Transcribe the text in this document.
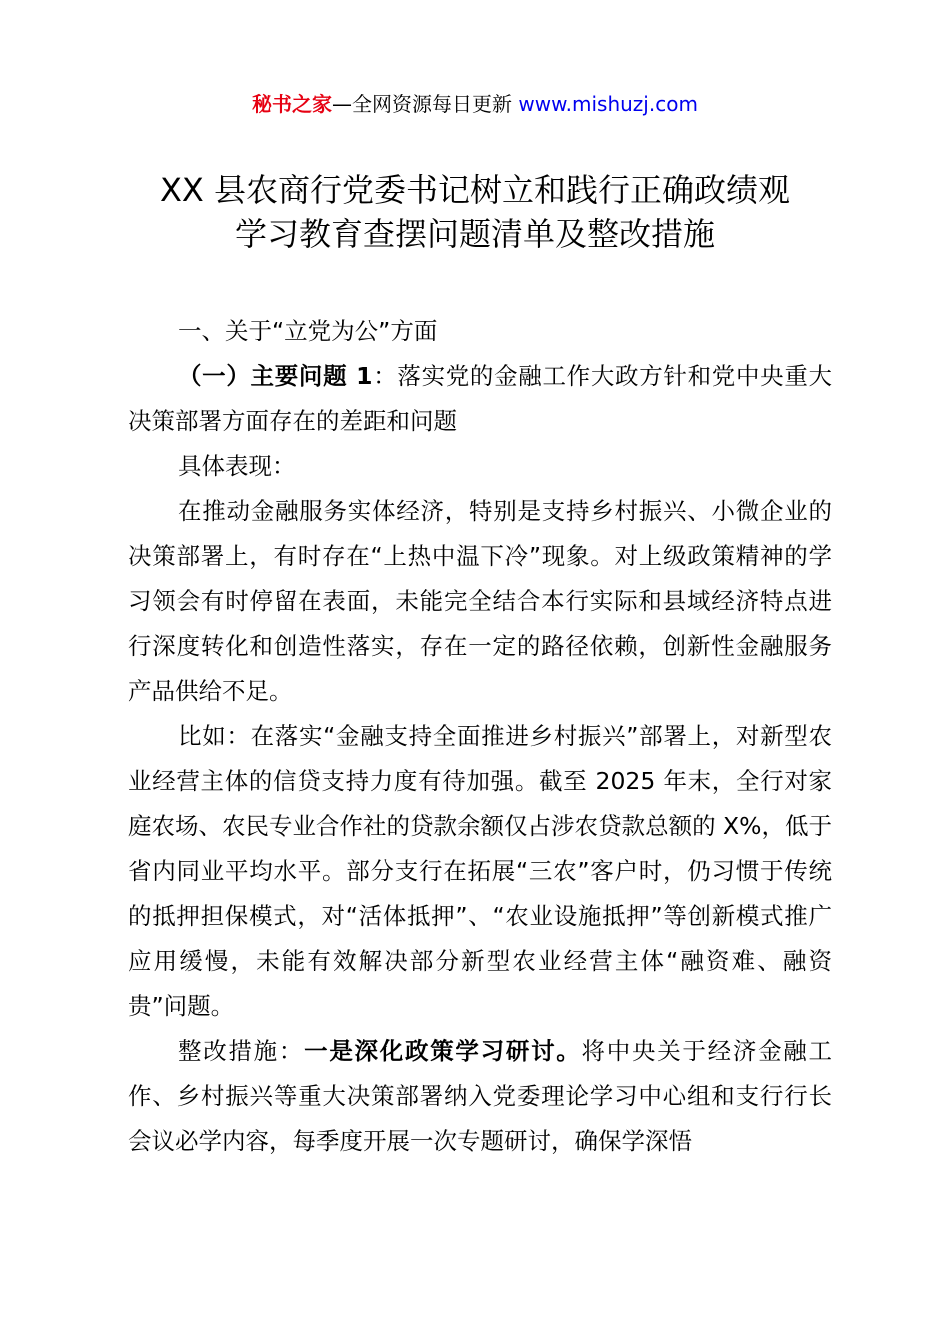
秘书之家—全网资源每日更新 www.mishuzj.com
XX 县农商行党委书记树立和践行正确政绩观
学习教育查摆问题清单及整改措施

一、关于“立党为公”方面

（一）主要问题 1：落实党的金融工作大政方针和党中央重大决策部署方面存在的差距和问题

具体表现：

在推动金融服务实体经济，特别是支持乡村振兴、小微企业的决策部署上，有时存在“上热中温下冷”现象。对上级政策精神的学习领会有时停留在表面，未能完全结合本行实际和县域经济特点进行深度转化和创造性落实，存在一定的路径依赖，创新性金融服务产品供给不足。

比如：在落实“金融支持全面推进乡村振兴”部署上，对新型农业经营主体的信贷支持力度有待加强。截至 2025 年末，全行对家庭农场、农民专业合作社的贷款余额仅占涉农贷款总额的 X%，低于省内同业平均水平。部分支行在拓展“三农”客户时，仍习惯于传统的抵押担保模式，对“活体抵押”、“农业设施抵押”等创新模式推广应用缓慢，未能有效解决部分新型农业经营主体“融资难、融资贵”问题。

整改措施：一是深化政策学习研讨。将中央关于经济金融工作、乡村振兴等重大决策部署纳入党委理论学习中心组和支行行长会议必学内容，每季度开展一次专题研讨，确保学深悟
